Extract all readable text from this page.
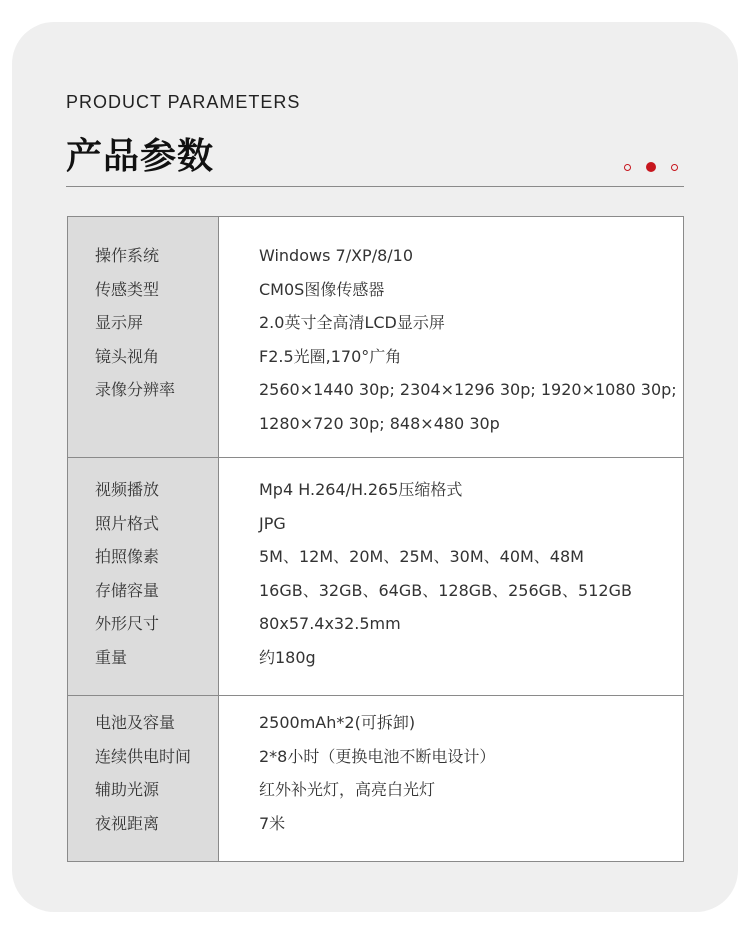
PRODUCT PARAMETERS
产品参数
操作系统
传感类型
显示屏
镜头视角
录像分辨率
Windows 7/XP/8/10
CM0S图像传感器
2.0英寸全高清LCD显示屏
F2.5光圈,170°广角
2560×1440 30p; 2304×1296 30p; 1920×1080 30p;
1280×720 30p; 848×480 30p
视频播放
照片格式
拍照像素
存储容量
外形尺寸
重量
Mp4 H.264/H.265压缩格式
JPG
5M、12M、20M、25M、30M、40M、48M
16GB、32GB、64GB、128GB、256GB、512GB
80x57.4x32.5mm
约180g
电池及容量
连续供电时间
辅助光源
夜视距离
2500mAh*2(可拆卸)
2*8小时（更换电池不断电设计）
红外补光灯，高亮白光灯
7米
